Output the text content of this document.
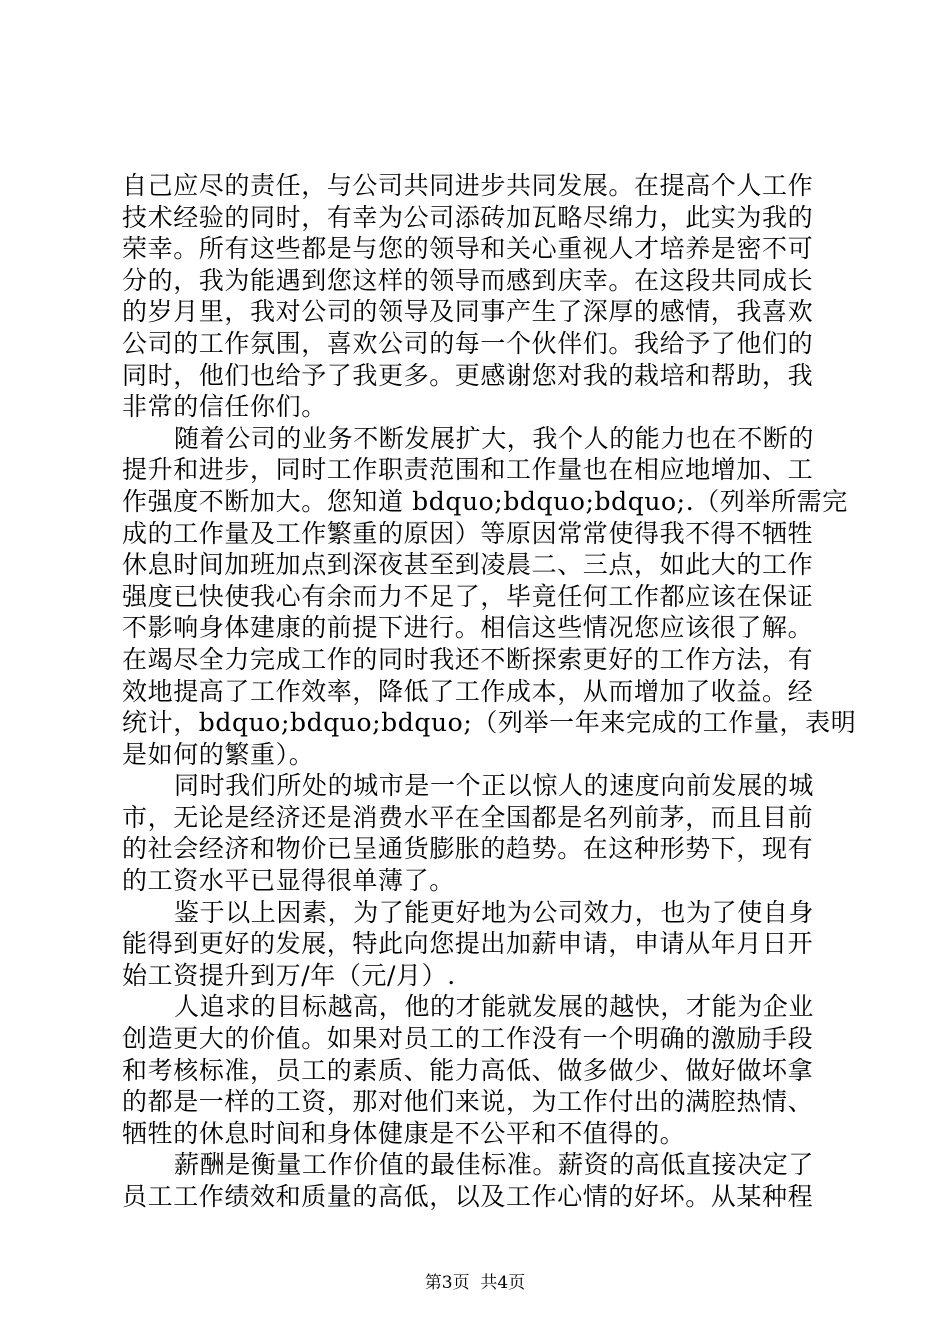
自己应尽的责任，与公司共同进步共同发展。在提高个人工作
技术经验的同时，有幸为公司添砖加瓦略尽绵力，此实为我的
荣幸。所有这些都是与您的领导和关心重视人才培养是密不可
分的，我为能遇到您这样的领导而感到庆幸。在这段共同成长
的岁月里，我对公司的领导及同事产生了深厚的感情，我喜欢
公司的工作氛围，喜欢公司的每一个伙伴们。我给予了他们的
同时，他们也给予了我更多。更感谢您对我的栽培和帮助，我
非常的信任你们。
随着公司的业务不断发展扩大，我个人的能力也在不断的
提升和进步，同时工作职责范围和工作量也在相应地增加、工
作强度不断加大。您知道 bdquo;bdquo;bdquo;.（列举所需完
成的工作量及工作繁重的原因）等原因常常使得我不得不牺牲
休息时间加班加点到深夜甚至到凌晨二、三点，如此大的工作
强度已快使我心有余而力不足了，毕竟任何工作都应该在保证
不影响身体建康的前提下进行。相信这些情况您应该很了解。
在竭尽全力完成工作的同时我还不断探索更好的工作方法，有
效地提高了工作效率，降低了工作成本，从而增加了收益。经
统计，bdquo;bdquo;bdquo;（列举一年来完成的工作量，表明
是如何的繁重）。
同时我们所处的城市是一个正以惊人的速度向前发展的城
市，无论是经济还是消费水平在全国都是名列前茅，而且目前
的社会经济和物价已呈通货膨胀的趋势。在这种形势下，现有
的工资水平已显得很单薄了。
鉴于以上因素，为了能更好地为公司效力，也为了使自身
能得到更好的发展，特此向您提出加薪申请，申请从年月日开
始工资提升到万/年（元/月）.
人追求的目标越高，他的才能就发展的越快，才能为企业
创造更大的价值。如果对员工的工作没有一个明确的激励手段
和考核标准，员工的素质、能力高低、做多做少、做好做坏拿
的都是一样的工资，那对他们来说，为工作付出的满腔热情、
牺牲的休息时间和身体健康是不公平和不值得的。
薪酬是衡量工作价值的最佳标准。薪资的高低直接决定了
员工工作绩效和质量的高低，以及工作心情的好坏。从某种程
第3页  共4页
